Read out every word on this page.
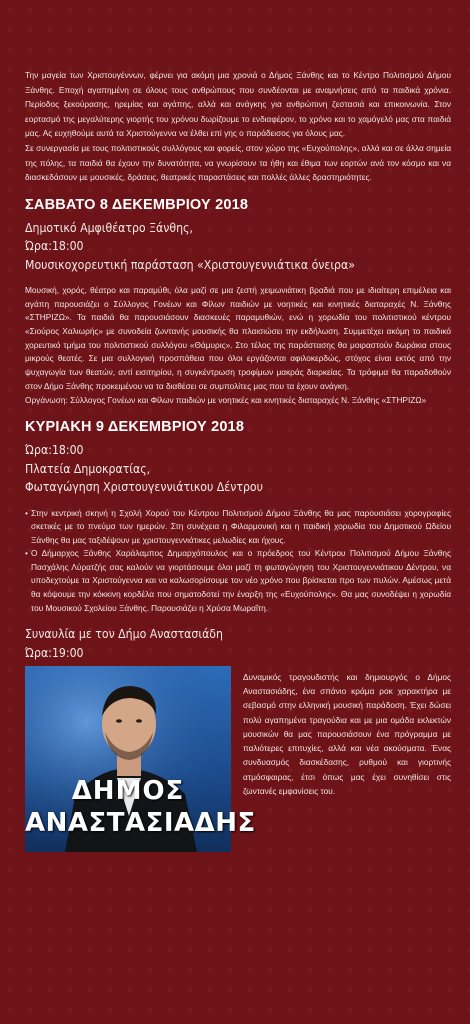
Την μαγεία των Χριστουγέννων, φέρνει για ακόμη μια χρονιά ο Δήμος Ξάνθης και το Κέντρο Πολιτισμού Δήμου Ξάνθης. Εποχή αγαπημένη σε όλους τους ανθρώπους που συνδέονται με αναμνήσεις από τα παιδικά χρόνια. Περίοδος ξεκούρασης, ηρεμίας και αγάπης, αλλά και ανάγκης για ανθρώπινη ζεστασιά και επικοινωνία. Στον εορτασμό της μεγαλύτερης γιορτής του χρόνου δωρίζουμε το ενδιαφέρον, το χρόνο και το χαμόγελό μας στα παιδιά μας. Ας ευχηθούμε αυτά τα Χριστούγεννα να έλθει επί γης ο παράδεισος για όλους μας.

Σε συνεργασία με τους πολιτιστικούς συλλόγους και φορείς, στον χώρο της «Ευχούπολης», αλλά και σε άλλα σημεία της πόλης, τα παιδιά θα έχουν την δυνατότητα, να γνωρίσουν τα ήθη και έθιμα των εορτών ανά τον κόσμο και να διασκεδάσουν με μουσικές, δράσεις, θεατρικές παραστάσεις και πολλές άλλες δραστηριότητες.

ΣΑΒΒΑΤΟ 8 ΔΕΚΕΜΒΡΙΟΥ 2018
Δημοτικό Αμφιθέατρο Ξάνθης,
Ώρα:18:00
Μουσικοχορευτική παράσταση «Χριστουγεννιάτικα όνειρα»

Μουσική, χορός, θέατρο και παραμύθι, όλα μαζί σε μια ζεστή χειμωνιάτικη βραδιά που με ιδιαίτερη επιμέλεια και αγάπη παρουσιάζει ο Σύλλογος Γονέων και Φίλων παιδιών με νοητικές και κινητικές διαταραχές Ν. Ξάνθης «ΣΤΗΡΙΖΩ». Τα παιδιά θα παρουσιάσουν διασκευές παραμυθιών, ενώ η χορωδία του πολιτιστικού κέντρου «Σιούρος Χαλιωρής» με συνοδεία ζωντανής μουσικής θα πλαισιώσει την εκδήλωση. Συμμετέχει ακόμη το παιδικό χορευτικό τμήμα του πολιτιστικού συλλόγου «Θάμυρις». Στο τέλος της παράστασης θα μοιραστούν δωράκια στους μικρούς θεατές. Σε μια συλλογική προσπάθεια που όλοι εργάζονται αφιλοκερδώς, στόχος είναι εκτός από την ψυχαγωγία των θεατών, αντί εισιτηρίου, η συγκέντρωση τροφίμων μακράς διαρκείας. Τα τρόφιμα θα παραδοθούν στον Δήμο Ξάνθης προκειμένου να τα διαθέσει σε συμπολίτες μας που τα έχουν ανάγκη.

Οργάνωση: Σύλλογος Γονέων και Φίλων παιδιών με νοητικές και κινητικές διαταραχές Ν. Ξάνθης «ΣΤΗΡΙΖΩ»

ΚΥΡΙΑΚΗ 9 ΔΕΚΕΜΒΡΙΟΥ 2018
Ώρα:18:00
Πλατεία Δημοκρατίας,
Φωταγώγηση Χριστουγεννιάτικου Δέντρου
• Στην κεντρική σκηνή η Σχολή Χορού του Κέντρου Πολιτισμού Δήμου Ξάνθης θα μας παρουσιάσει χορογραφίες σκετικές με το πνεύμα των ημερών. Στη συνέχεια η Φιλαρμονική και η παιδική χορωδία του Δημοτικού Ωδείου Ξάνθης θα μας ταξιδέψουν με χριστουγεννιάτικες μελωδίες και ήχους.
• Ο Δήμαρχος Ξάνθης Χαράλαμπος Δημαρχόπουλος και ο πρόεδρος του Κέντρου Πολιτισμού Δήμου Ξάνθης Πασχάλης Λύρατζής σας καλούν να γιορτάσουμε όλοι μαζί τη φωταγώγηση του Χριστουγεννιάτικου Δέντρου, να υποδεχτούμε τα Χριστούγεννα και να καλωσορίσουμε τον νέο χρόνο που βρίσκεται προ των πυλών. Αμέσως μετά θα κόψουμε την κόκκινη κορδέλα που σηματοδοτεί την έναρξη της «Ευχούπολης». Θα μας συνοδέψει η χορωδία του Μουσικού Σχολείου Ξάνθης. Παρουσιάζει η Χρύσα Μωραΐτη.
Συναυλία με τον Δήμο Αναστασιάδη
Ώρα:19:00
ΔΗΜΟΣ
ΑΝΑΣΤΑΣΙΑΔΗΣ

Δυναμικός τραγουδιστής και δημιουργός ο Δήμος Αναστασιάδης, ένα σπάνιο κράμα ροκ χαρακτήρα με σεβασμό στην ελληνική μουσική παράδοση. Έχει δώσει πολύ αγαπημένα τραγούδια και με μια ομάδα εκλεκτών μουσικών θα μας παρουσιάσουν ένα πρόγραμμα με παλιότερες επιτυχίες, αλλά και νέα ακούσματα. Ένας συνδυασμός διασκέδασης, ρυθμού και γιορτινής ατμόσφαιρας, έτσι όπως μας έχει συνηθίσει στις ζωντανές εμφανίσεις του.
